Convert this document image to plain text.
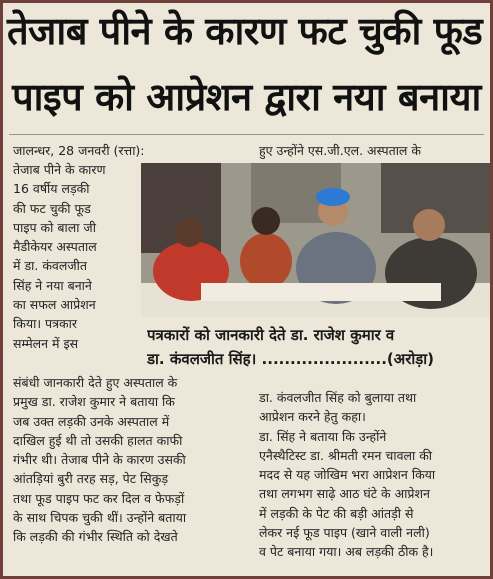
तेजाब पीने के कारण फट चुकी फूड
पाइप को आप्रेशन द्वारा नया बनाया
जालन्धर, 28 जनवरी (रत्ता):
तेजाब पीने के कारण
16 वर्षीय लड़की
की फट चुकी फूड
पाइप को बाला जी
मैडीकेयर अस्पताल
में डा. कंवलजीत
सिंह ने नया बनाने
का सफल आप्रेशन
किया। पत्रकार
सम्मेलन में इस
संबंधी जानकारी देते हुए अस्पताल के
प्रमुख डा. राजेश कुमार ने बताया कि
जब उक्त लड़की उनके अस्पताल में
दाखिल हुई थी तो उसकी हालत काफी
गंभीर थी। तेजाब पीने के कारण उसकी
आंतड़ियां बुरी तरह सड़, पेट सिकुड़
तथा फूड पाइप फट कर दिल व फेफड़ों
के साथ चिपक चुकी थीं। उन्होंने बताया
कि लड़की की गंभीर स्थिति को देखते
हुए उन्होंने एस.जी.एल. अस्पताल के
पत्रकारों को जानकारी देते डा. राजेश कुमार व
डा. कंवलजीत सिंह। ......................(अरोड़ा)
डा. कंवलजीत सिंह को बुलाया तथा
आप्रेशन करने हेतु कहा।
डा. सिंह ने बताया कि उन्होंने
एनैस्थैटिस्ट डा. श्रीमती रमन चावला की
मदद से यह जोखिम भरा आप्रेशन किया
तथा लगभग साढ़े आठ घंटे के आप्रेशन
में लड़की के पेट की बड़ी आंतड़ी से
लेकर नई फूड पाइप (खाने वाली नली)
व पेट बनाया गया। अब लड़की ठीक है।
